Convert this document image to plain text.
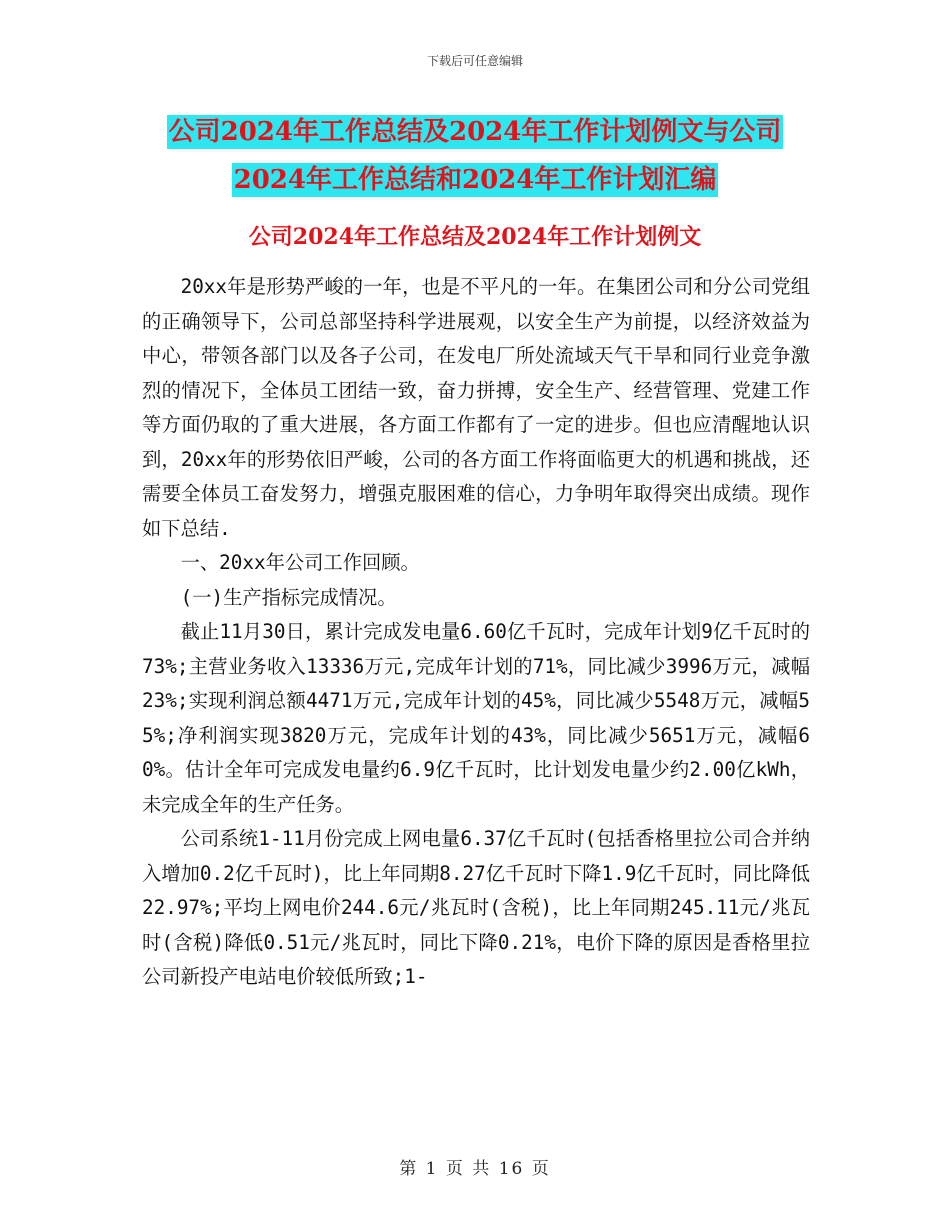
下载后可任意编辑
公司2024年工作总结及2024年工作计划例文与公司
2024年工作总结和2024年工作计划汇编
公司2024年工作总结及2024年工作计划例文

20xx年是形势严峻的一年，也是不平凡的一年。在集团公司和分公司党组的正确领导下，公司总部坚持科学进展观，以安全生产为前提，以经济效益为中心，带领各部门以及各子公司，在发电厂所处流域天气干旱和同行业竞争激烈的情况下，全体员工团结一致，奋力拼搏，安全生产、经营管理、党建工作等方面仍取的了重大进展，各方面工作都有了一定的进步。但也应清醒地认识到，20xx年的形势依旧严峻，公司的各方面工作将面临更大的机遇和挑战，还需要全体员工奋发努力，增强克服困难的信心，力争明年取得突出成绩。现作如下总结.

一、20xx年公司工作回顾。

(一)生产指标完成情况。

截止11月30日，累计完成发电量6.60亿千瓦时，完成年计划9亿千瓦时的73%;主营业务收入13336万元,完成年计划的71%，同比减少3996万元，减幅23%;实现利润总额4471万元,完成年计划的45%，同比减少5548万元，减幅55%;净利润实现3820万元，完成年计划的43%，同比减少5651万元，减幅60%。估计全年可完成发电量约6.9亿千瓦时，比计划发电量少约2.00亿kWh，未完成全年的生产任务。

公司系统1-11月份完成上网电量6.37亿千瓦时(包括香格里拉公司合并纳入增加0.2亿千瓦时)，比上年同期8.27亿千瓦时下降1.9亿千瓦时，同比降低22.97%;平均上网电价244.6元/兆瓦时(含税)，比上年同期245.11元/兆瓦时(含税)降低0.51元/兆瓦时，同比下降0.21%，电价下降的原因是香格里拉公司新投产电站电价较低所致;1-

第 1 页 共 16 页
